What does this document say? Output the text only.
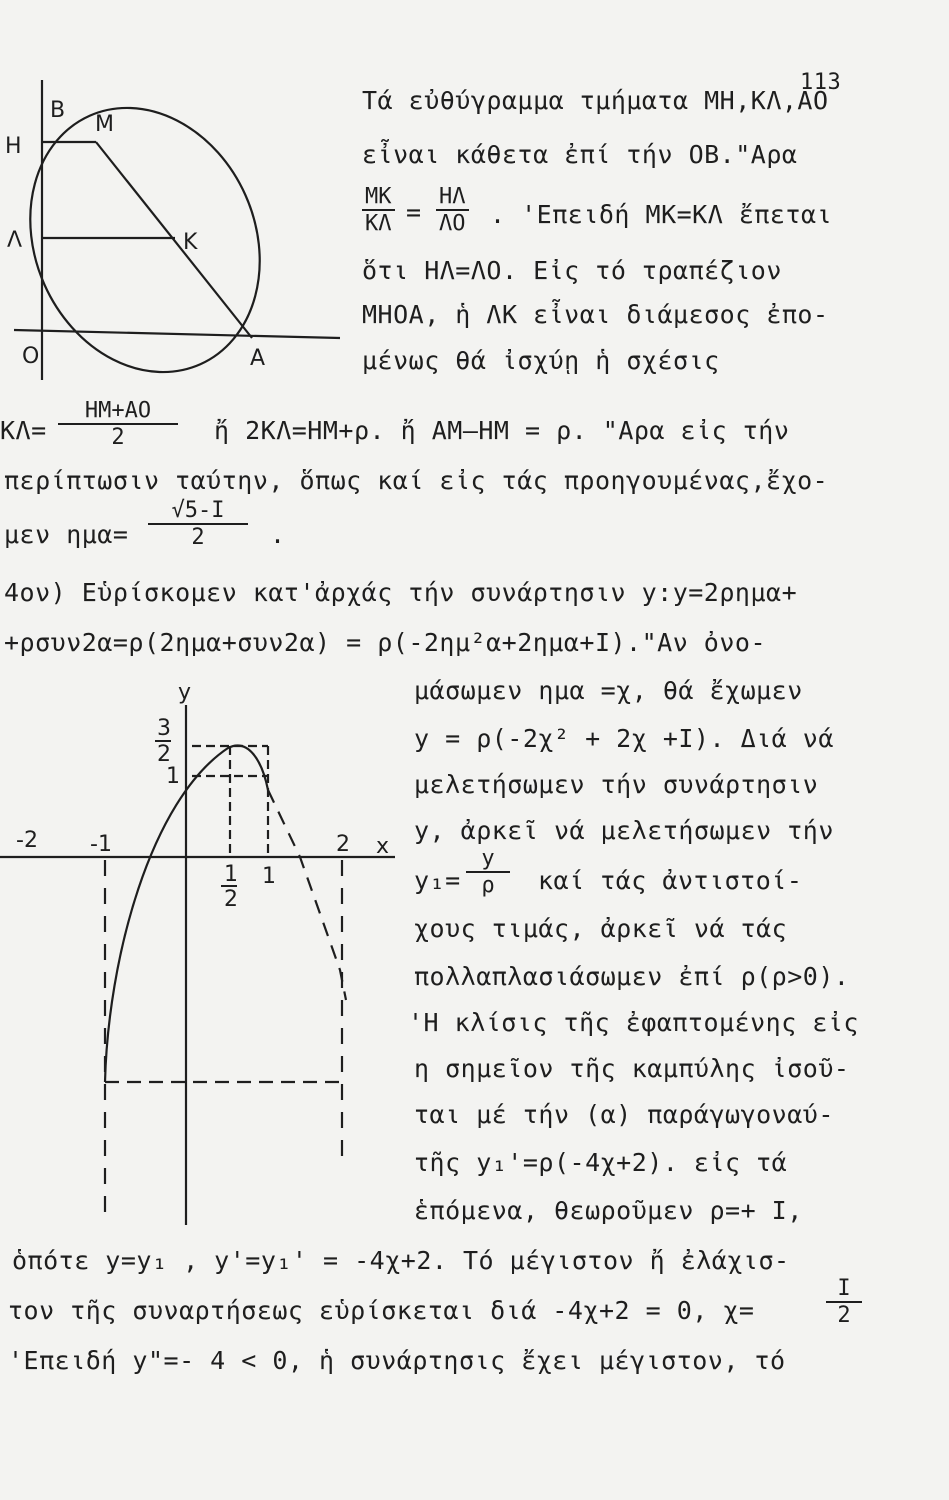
113
B
M
H
Λ	K
O	A
Τά εὐθύγραμμα τμήματα ΜΗ,ΚΛ,ΑΟ
εἶναι κάθετα ἐπί τήν ΟΒ."Αρα
$\frac{MK}{K\Lambda} = \frac{H\Lambda}{\Lambda O}$ . 'Επειδή ΜΚ=ΚΛ ἔπεται
ὅτι ΗΛ=ΛΟ. Εἰς τό τραπέζιον
ΜΗΟΑ, ἡ ΛΚ εἶναι διάμεσος ἐπο-
μένως θά ἰσχύῃ ἡ σχέσις
$K\Lambda= \frac{HM+AO}{2}$ ἤ 2ΚΛ=ΗΜ+ρ. ἤ ΑΜ–ΗΜ = ρ. "Αρα εἰς τήν
περίπτωσιν ταύτην, ὅπως καί εἰς τάς προηγουμένας,ἔχο-
μεν $\eta\mu\alpha= \frac{√5-I}{2}$ .
4ον) Εὑρίσκομεν κατ'ἀρχάς τήν συνάρτησιν y:y=2ρημα+
+ρσυν2α=ρ(2ημα+συν2α) = ρ(-2ημ²α+2ημα+I)."Αν ὀνο-
y
3
2
1
-2 -1
1
2
1
2 x
μάσωμεν ημα =χ, θά ἔχωμεν
y = ρ(-2χ² + 2χ +I). Διά νά
μελετήσωμεν τήν συνάρτησιν
y, ἀρκεῖ νά μελετήσωμεν τήν
$y_1= \frac{y}{\rho}$ καί τάς ἀντιστοί-
χους τιμάς, ἀρκεῖ νά τάς
πολλαπλασιάσωμεν ἐπί ρ(ρ>0).
'Η κλίσις τῆς ἐφαπτομένης εἰς
η σημεῖον τῆς καμπύλης ἰσοῦ-
ται μέ τήν (α) παράγωγοναύ-
τῆς y₁'=ρ(-4χ+2). εἰς τά
ἑπόμενα, θεωροῦμεν ρ=+ I,
ὁπότε y=y₁ , y'=y₁' = -4χ+2. Τό μέγιστον ἤ ἐλάχισ-
τον τῆς συναρτήσεως εὑρίσκεται διά -4χ+2 = 0, χ=	$\frac{I}{2}$
'Επειδή y"=- 4 < 0, ἡ συνάρτησις ἔχει μέγιστον, τό
